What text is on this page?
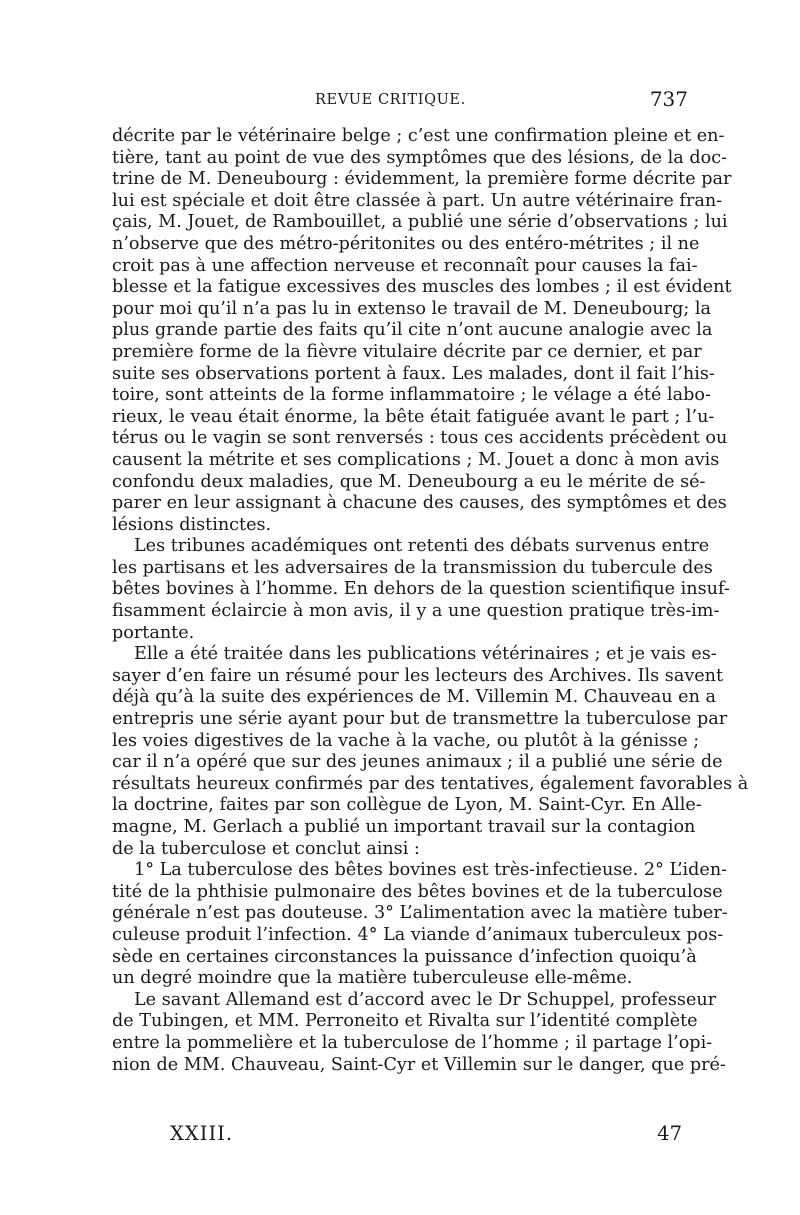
REVUE CRITIQUE.	737
décrite par le vétérinaire belge ; c’est une confirmation pleine et en-
tière, tant au point de vue des symptômes que des lésions, de la doc-
trine de M. Deneubourg : évidemment, la première forme décrite par
lui est spéciale et doit être classée à part. Un autre vétérinaire fran-
çais, M. Jouet, de Rambouillet, a publié une série d’observations ; lui
n’observe que des métro-péritonites ou des entéro-métrites ; il ne
croit pas à une affection nerveuse et reconnaît pour causes la fai-
blesse et la fatigue excessives des muscles des lombes ; il est évident
pour moi qu’il n’a pas lu in extenso le travail de M. Deneubourg; la
plus grande partie des faits qu’il cite n’ont aucune analogie avec la
première forme de la fièvre vitulaire décrite par ce dernier, et par
suite ses observations portent à faux. Les malades, dont il fait l’his-
toire, sont atteints de la forme inflammatoire ; le vélage a été labo-
rieux, le veau était énorme, la bête était fatiguée avant le part ; l’u-
térus ou le vagin se sont renversés : tous ces accidents précèdent ou
causent la métrite et ses complications ; M. Jouet a donc à mon avis
confondu deux maladies, que M. Deneubourg a eu le mérite de sé-
parer en leur assignant à chacune des causes, des symptômes et des
lésions distinctes.
Les tribunes académiques ont retenti des débats survenus entre
les partisans et les adversaires de la transmission du tubercule des
bêtes bovines à l’homme. En dehors de la question scientifique insuf-
fisamment éclaircie à mon avis, il y a une question pratique très-im-
portante.
Elle a été traitée dans les publications vétérinaires ; et je vais es-
sayer d’en faire un résumé pour les lecteurs des Archives. Ils savent
déjà qu’à la suite des expériences de M. Villemin M. Chauveau en a
entrepris une série ayant pour but de transmettre la tuberculose par
les voies digestives de la vache à la vache, ou plutôt à la génisse ;
car il n’a opéré que sur des jeunes animaux ; il a publié une série de
résultats heureux confirmés par des tentatives, également favorables à
la doctrine, faites par son collègue de Lyon, M. Saint-Cyr. En Alle-
magne, M. Gerlach a publié un important travail sur la contagion
de la tuberculose et conclut ainsi :
1° La tuberculose des bêtes bovines est très-infectieuse. 2° L’iden-
tité de la phthisie pulmonaire des bêtes bovines et de la tuberculose
générale n’est pas douteuse. 3° L’alimentation avec la matière tuber-
culeuse produit l’infection. 4° La viande d’animaux tuberculeux pos-
sède en certaines circonstances la puissance d’infection quoiqu’à
un degré moindre que la matière tuberculeuse elle-même.
Le savant Allemand est d’accord avec le Dr Schuppel, professeur
de Tubingen, et MM. Perroneito et Rivalta sur l’identité complète
entre la pommelière et la tuberculose de l’homme ; il partage l’opi-
nion de MM. Chauveau, Saint-Cyr et Villemin sur le danger, que pré-
XXIII.	47
